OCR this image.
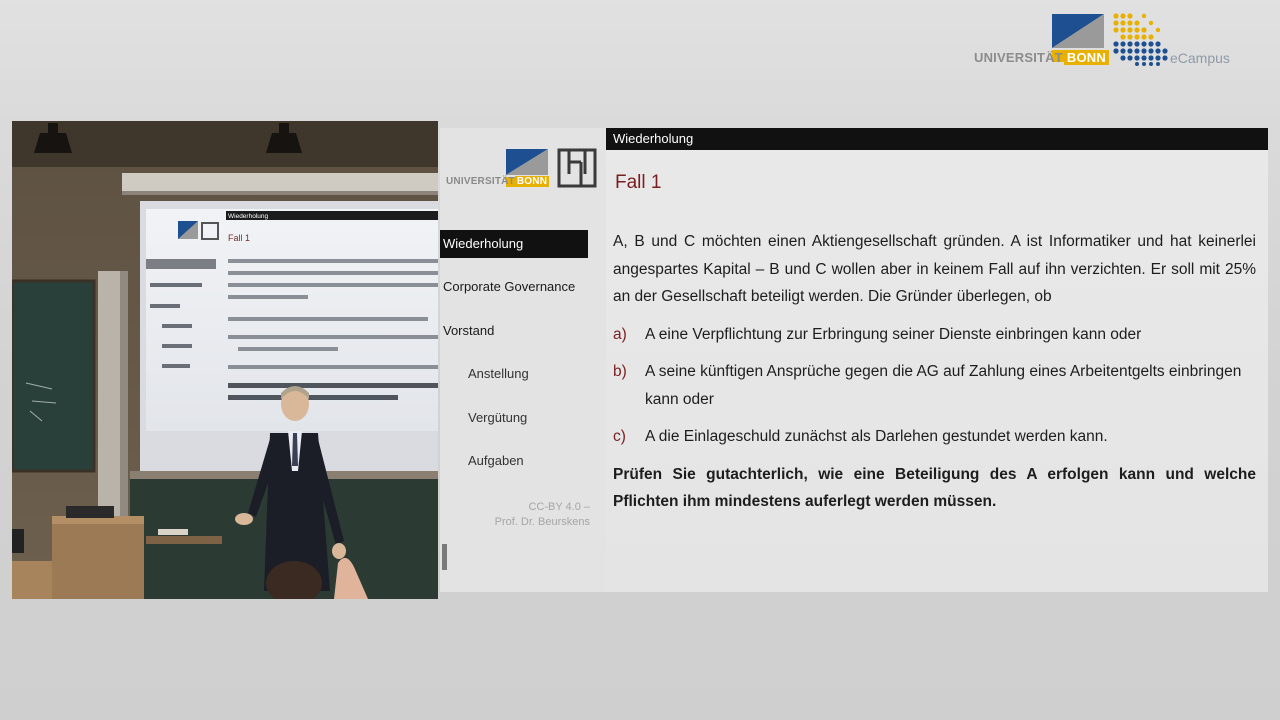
UNIVERSITÄT BONN	eCampus
Wiederholung
Fall 1
Wiederholung
UNIVERSITÄT BONN
Wiederholung
Corporate Governance
Vorstand
Anstellung
Vergütung
Aufgaben
CC-BY 4.0 –
Prof. Dr. Beurskens
Fall 1

A, B und C möchten einen Aktiengesellschaft gründen. A ist Informatiker und hat keinerlei angespartes Kapital – B und C wollen aber in keinem Fall auf ihn verzichten. Er soll mit 25% an der Gesellschaft beteiligt werden. Die Gründer überlegen, ob

a)	A eine Verpflichtung zur Erbringung seiner Dienste einbringen kann oder
b)	A seine künftigen Ansprüche gegen die AG auf Zahlung eines Arbeitentgelts einbringen kann oder
c)	A die Einlageschuld zunächst als Darlehen gestundet werden kann.

Prüfen Sie gutachterlich, wie eine Beteiligung des A erfolgen kann und welche Pflichten ihm mindestens auferlegt werden müssen.
